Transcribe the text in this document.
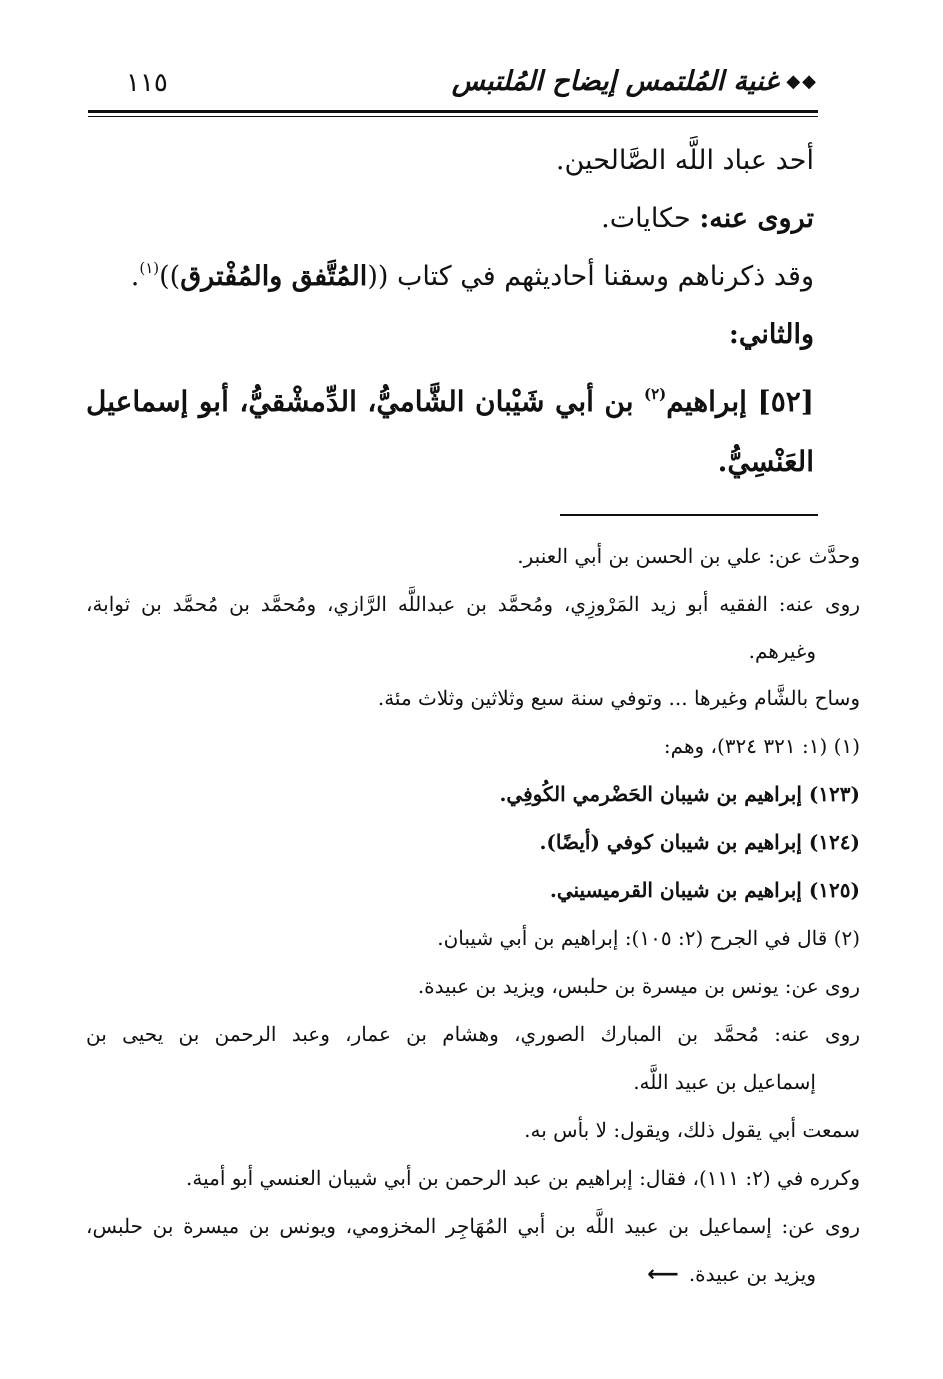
◆◆غنية المُلتمس إيضاح المُلتبس
١١٥

أحد عباد اللَّه الصَّالحين.

تروى عنه: حكايات.

وقد ذكرناهم وسقنا أحاديثهم في كتاب ((المُتَّفق والمُفْترق))$^{(١)}$.

والثاني:

[٥٢] إبراهيم$^{(٢)}$ بن أبي شَيْبان الشَّاميُّ، الدِّمشْقيُّ، أبو إسماعيل العَنْسِيُّ.

وحدَّث عن: علي بن الحسن بن أبي العنبر.
روى عنه: الفقيه أبو زيد المَرْوزِي، ومُحمَّد بن عبداللَّه الرَّازي، ومُحمَّد بن مُحمَّد بن ثوابة،
وغيرهم.
وساح بالشَّام وغيرها ... وتوفي سنة سبع وثلاثين وثلاث مئة.
(١) (١: ٣٢١ ٣٢٤)، وهم:
(١٢٣) إبراهيم بن شيبان الحَضْرمي الكُوفِي.
(١٢٤) إبراهيم بن شيبان كوفي (أيضًا).
(١٢٥) إبراهيم بن شيبان القرميسيني.
(٢) قال في الجرح (٢: ١٠٥): إبراهيم بن أبي شيبان.
روى عن: يونس بن ميسرة بن حلبس، ويزيد بن عبيدة.
روى عنه: مُحمَّد بن المبارك الصوري، وهشام بن عمار، وعبد الرحمن بن يحيى بن
إسماعيل بن عبيد اللَّه.
سمعت أبي يقول ذلك، ويقول: لا بأس به.
وكرره في (٢: ١١١)، فقال: إبراهيم بن عبد الرحمن بن أبي شيبان العنسي أبو أمية.
روى عن: إسماعيل بن عبيد اللَّه بن أبي المُهَاجِر المخزومي، ويونس بن ميسرة بن حلبس،
ويزيد بن عبيدة.⟵
